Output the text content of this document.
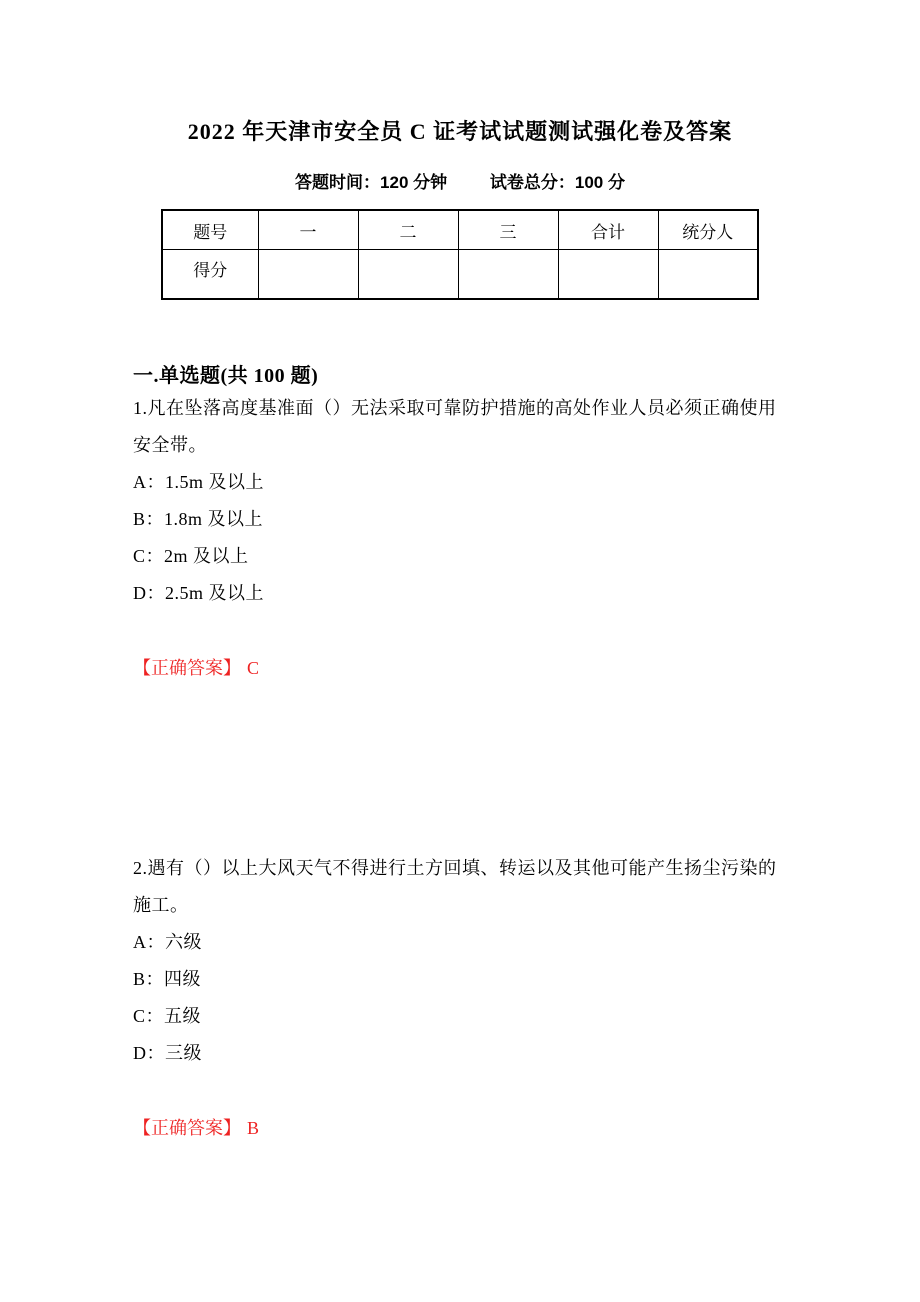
2022 年天津市安全员 C 证考试试题测试强化卷及答案
答题时间：120 分钟	试卷总分：100 分
题号	一	二	三	合计	统分人
得分					
一.单选题(共 100 题)
1.凡在坠落高度基准面（）无法采取可靠防护措施的高处作业人员必须正确使用
安全带。
A：1.5m 及以上
B：1.8m 及以上
C：2m 及以上
D：2.5m 及以上
【正确答案】 C
2.遇有（）以上大风天气不得进行土方回填、转运以及其他可能产生扬尘污染的
施工。
A：六级
B：四级
C：五级
D：三级
【正确答案】 B
